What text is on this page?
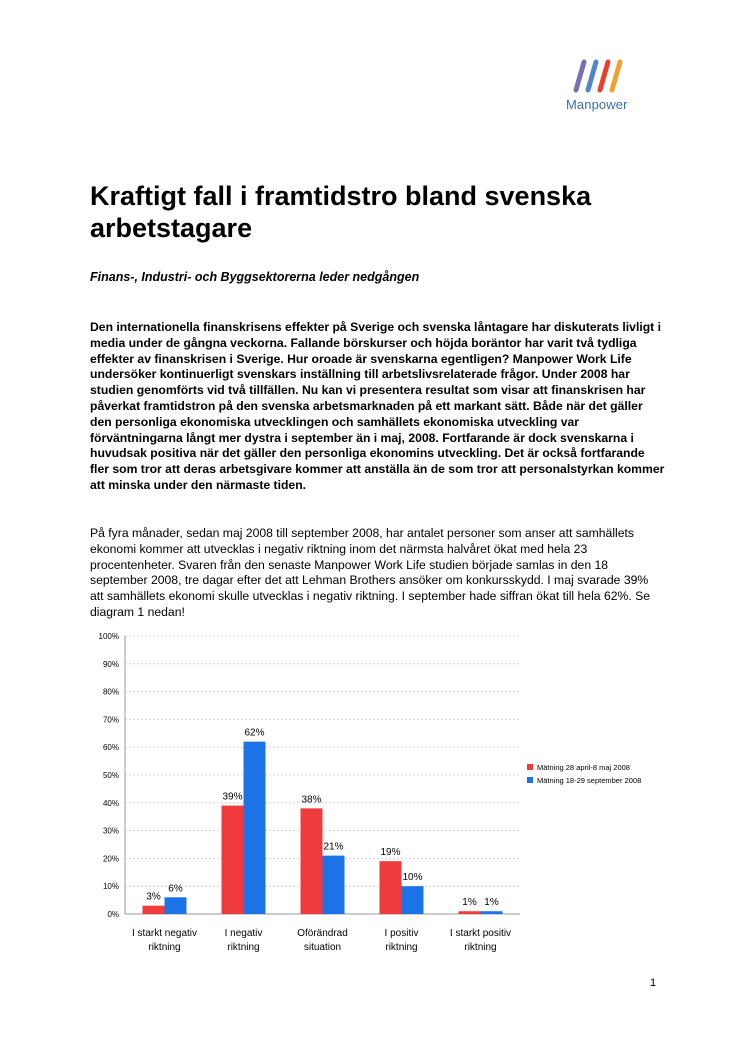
Manpower
Kraftigt fall i framtidstro bland svenska arbetstagare

Finans-, Industri- och Byggsektorerna leder nedgången

Den internationella finanskrisens effekter på Sverige och svenska låntagare har diskuterats livligt i media under de gångna veckorna. Fallande börskurser och höjda boräntor har varit två tydliga effekter av finanskrisen i Sverige. Hur oroade är svenskarna egentligen? Manpower Work Life undersöker kontinuerligt svenskars inställning till arbetslivsrelaterade frågor. Under 2008 har studien genomförts vid två tillfällen. Nu kan vi presentera resultat som visar att finanskrisen har påverkat framtidstron på den svenska arbetsmarknaden på ett markant sätt. Både när det gäller den personliga ekonomiska utvecklingen och samhällets ekonomiska utveckling var förväntningarna långt mer dystra i september än i maj, 2008. Fortfarande är dock svenskarna i huvudsak positiva när det gäller den personliga ekonomins utveckling. Det är också fortfarande fler som tror att deras arbetsgivare kommer att anställa än de som tror att personalstyrkan kommer att minska under den närmaste tiden.

På fyra månader, sedan maj 2008 till september 2008, har antalet personer som anser att samhällets ekonomi kommer att utvecklas i negativ riktning inom det närmsta halvåret ökat med hela 23 procentenheter. Svaren från den senaste Manpower Work Life studien började samlas in den 18 september 2008, tre dagar efter det att Lehman Brothers ansöker om konkursskydd. I maj svarade 39% att samhällets ekonomi skulle utvecklas i negativ riktning. I september hade siffran ökat till hela 62%. Se diagram 1 nedan!

0%
10%
20%
30%
40%
50%
60%
70%
80%
90%
100%
3%
6%
39%
62%
38%
21%
19%
10%
1% 1%
I starkt negativ
riktning
I negativ
riktning
Oförändrad
situation
I positiv
riktning
I starkt positiv
riktning
Mätning 28 april-8 maj 2008
Mätning 18-29 september 2008
1
